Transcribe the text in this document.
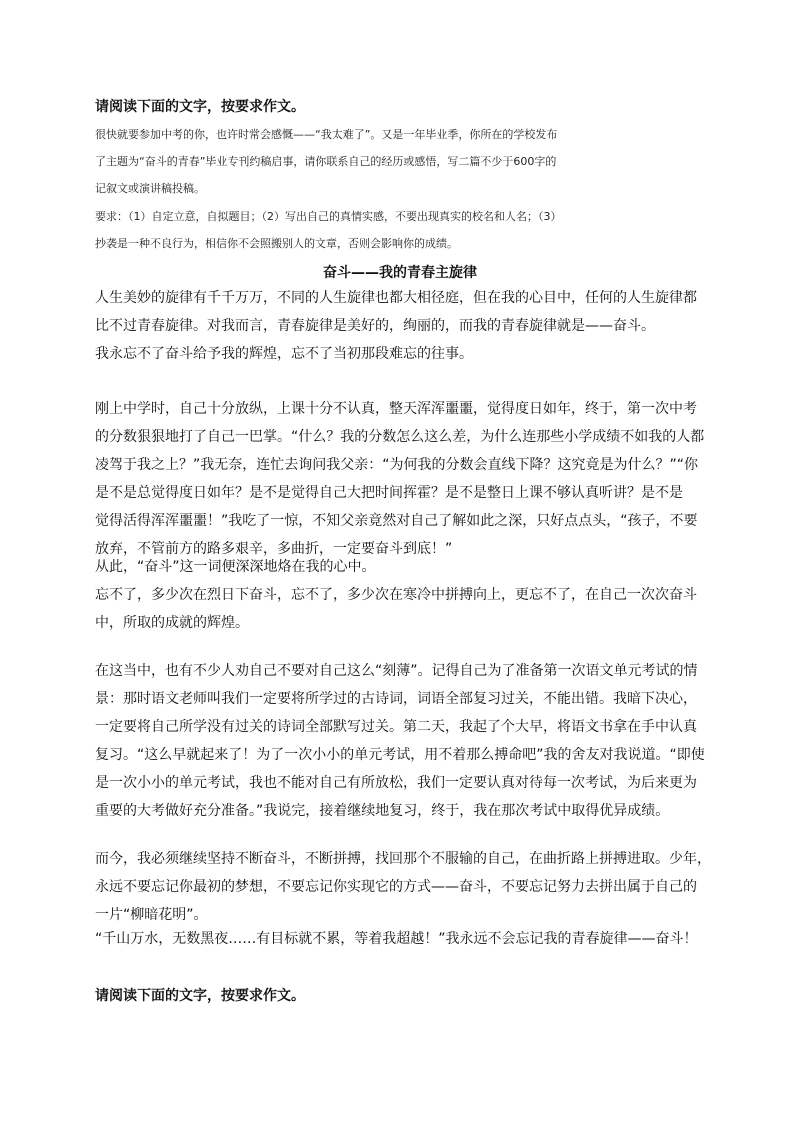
请阅读下面的文字，按要求作文。
很快就要参加中考的你，也许时常会感慨——“我太难了”。又是一年毕业季，你所在的学校发布
了主题为“奋斗的青春”毕业专刊约稿启事，请你联系自己的经历或感悟，写二篇不少于600字的
记叙文或演讲稿投稿。
要求：（1）自定立意，自拟题目；（2）写出自己的真情实感，不要出现真实的校名和人名；（3）
抄袭是一种不良行为，相信你不会照搬别人的文章，否则会影响你的成绩。
奋斗——我的青春主旋律
人生美妙的旋律有千千万万，不同的人生旋律也都大相径庭，但在我的心目中，任何的人生旋律都
比不过青春旋律。对我而言，青春旋律是美好的，绚丽的，而我的青春旋律就是——奋斗。
我永忘不了奋斗给予我的辉煌，忘不了当初那段难忘的往事。
刚上中学时，自己十分放纵，上课十分不认真，整天浑浑噩噩，觉得度日如年，终于，第一次中考
的分数狠狠地打了自己一巴掌。“什么？我的分数怎么这么差，为什么连那些小学成绩不如我的人都
凌驾于我之上？”我无奈，连忙去询问我父亲：“为何我的分数会直线下降？这究竟是为什么？”“你
是不是总觉得度日如年？是不是觉得自己大把时间挥霍？是不是整日上课不够认真听讲？是不是
觉得活得浑浑噩噩！”我吃了一惊，不知父亲竟然对自己了解如此之深，只好点点头，“孩子，不要
放弃，不管前方的路多艰辛，多曲折，一定要奋斗到底！”
从此，“奋斗”这一词便深深地烙在我的心中。
忘不了，多少次在烈日下奋斗，忘不了，多少次在寒冷中拼搏向上，更忘不了，在自己一次次奋斗
中，所取的成就的辉煌。
在这当中，也有不少人劝自己不要对自己这么“刻薄”。记得自己为了准备第一次语文单元考试的情
景：那时语文老师叫我们一定要将所学过的古诗词，词语全部复习过关，不能出错。我暗下决心，
一定要将自己所学没有过关的诗词全部默写过关。第二天，我起了个大早，将语文书拿在手中认真
复习。“这么早就起来了！为了一次小小的单元考试，用不着那么搏命吧”我的舍友对我说道。“即使
是一次小小的单元考试，我也不能对自己有所放松，我们一定要认真对待每一次考试，为后来更为
重要的大考做好充分准备。”我说完，接着继续地复习，终于，我在那次考试中取得优异成绩。
而今，我必须继续坚持不断奋斗，不断拼搏，找回那个不服输的自己，在曲折路上拼搏进取。少年，
永远不要忘记你最初的梦想，不要忘记你实现它的方式——奋斗，不要忘记努力去拼出属于自己的
一片“柳暗花明”。
“千山万水，无数黑夜……有目标就不累，等着我超越！”我永远不会忘记我的青春旋律——奋斗！
请阅读下面的文字，按要求作文。
